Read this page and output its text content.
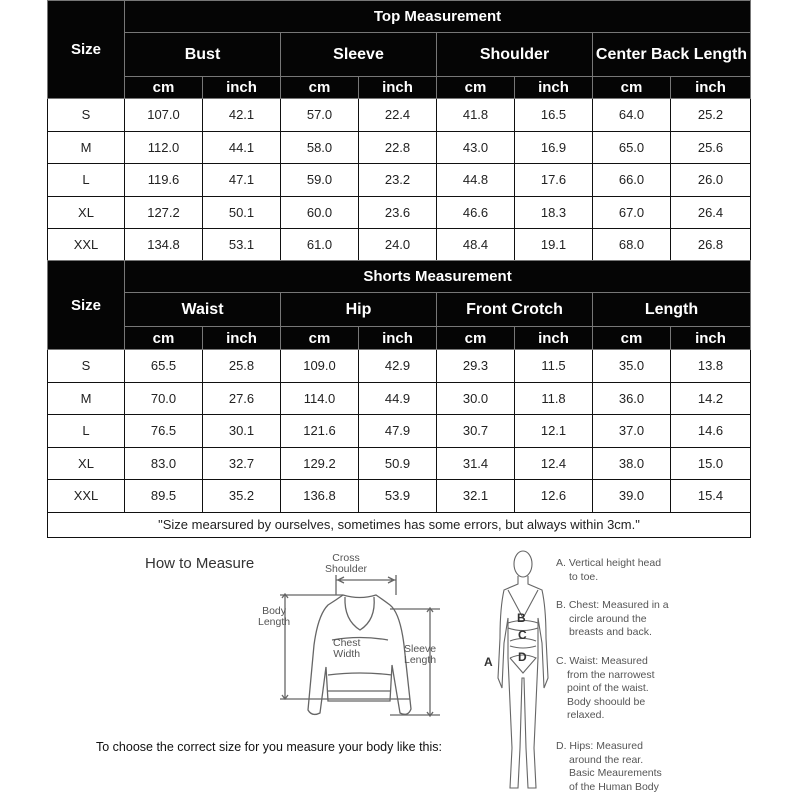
Size	Top Measurement							
	Bust		Sleeve		Shoulder		Center Back Length	
	cm	inch	cm	inch	cm	inch	cm	inch
S	107.0	42.1	57.0	22.4	41.8	16.5	64.0	25.2
M	112.0	44.1	58.0	22.8	43.0	16.9	65.0	25.6
L	119.6	47.1	59.0	23.2	44.8	17.6	66.0	26.0
XL	127.2	50.1	60.0	23.6	46.6	18.3	67.0	26.4
XXL	134.8	53.1	61.0	24.0	48.4	19.1	68.0	26.8
Size	Shorts Measurement							
	Waist		Hip		Front Crotch		Length	
	cm	inch	cm	inch	cm	inch	cm	inch
S	65.5	25.8	109.0	42.9	29.3	11.5	35.0	13.8
M	70.0	27.6	114.0	44.9	30.0	11.8	36.0	14.2
L	76.5	30.1	121.6	47.9	30.7	12.1	37.0	14.6
XL	83.0	32.7	129.2	50.9	31.4	12.4	38.0	15.0
XXL	89.5	35.2	136.8	53.9	32.1	12.6	39.0	15.4
"Size mearsured by ourselves, sometimes has some errors, but always within 3cm."								
How to Measure	Cross
Shoulder
Body
Length
Chest
Width	Sleeve
Length
To choose the correct size for you measure your body like this:
B
C
D
A
A. Vertical height head
to toe.
B. Chest: Measured in a
circle around the
breasts and back.
C. Waist: Measured
from the narrowest
point of the waist.
Body shoould be
relaxed.
D. Hips: Measured
around the rear.
Basic Meaurements
of the Human Body
